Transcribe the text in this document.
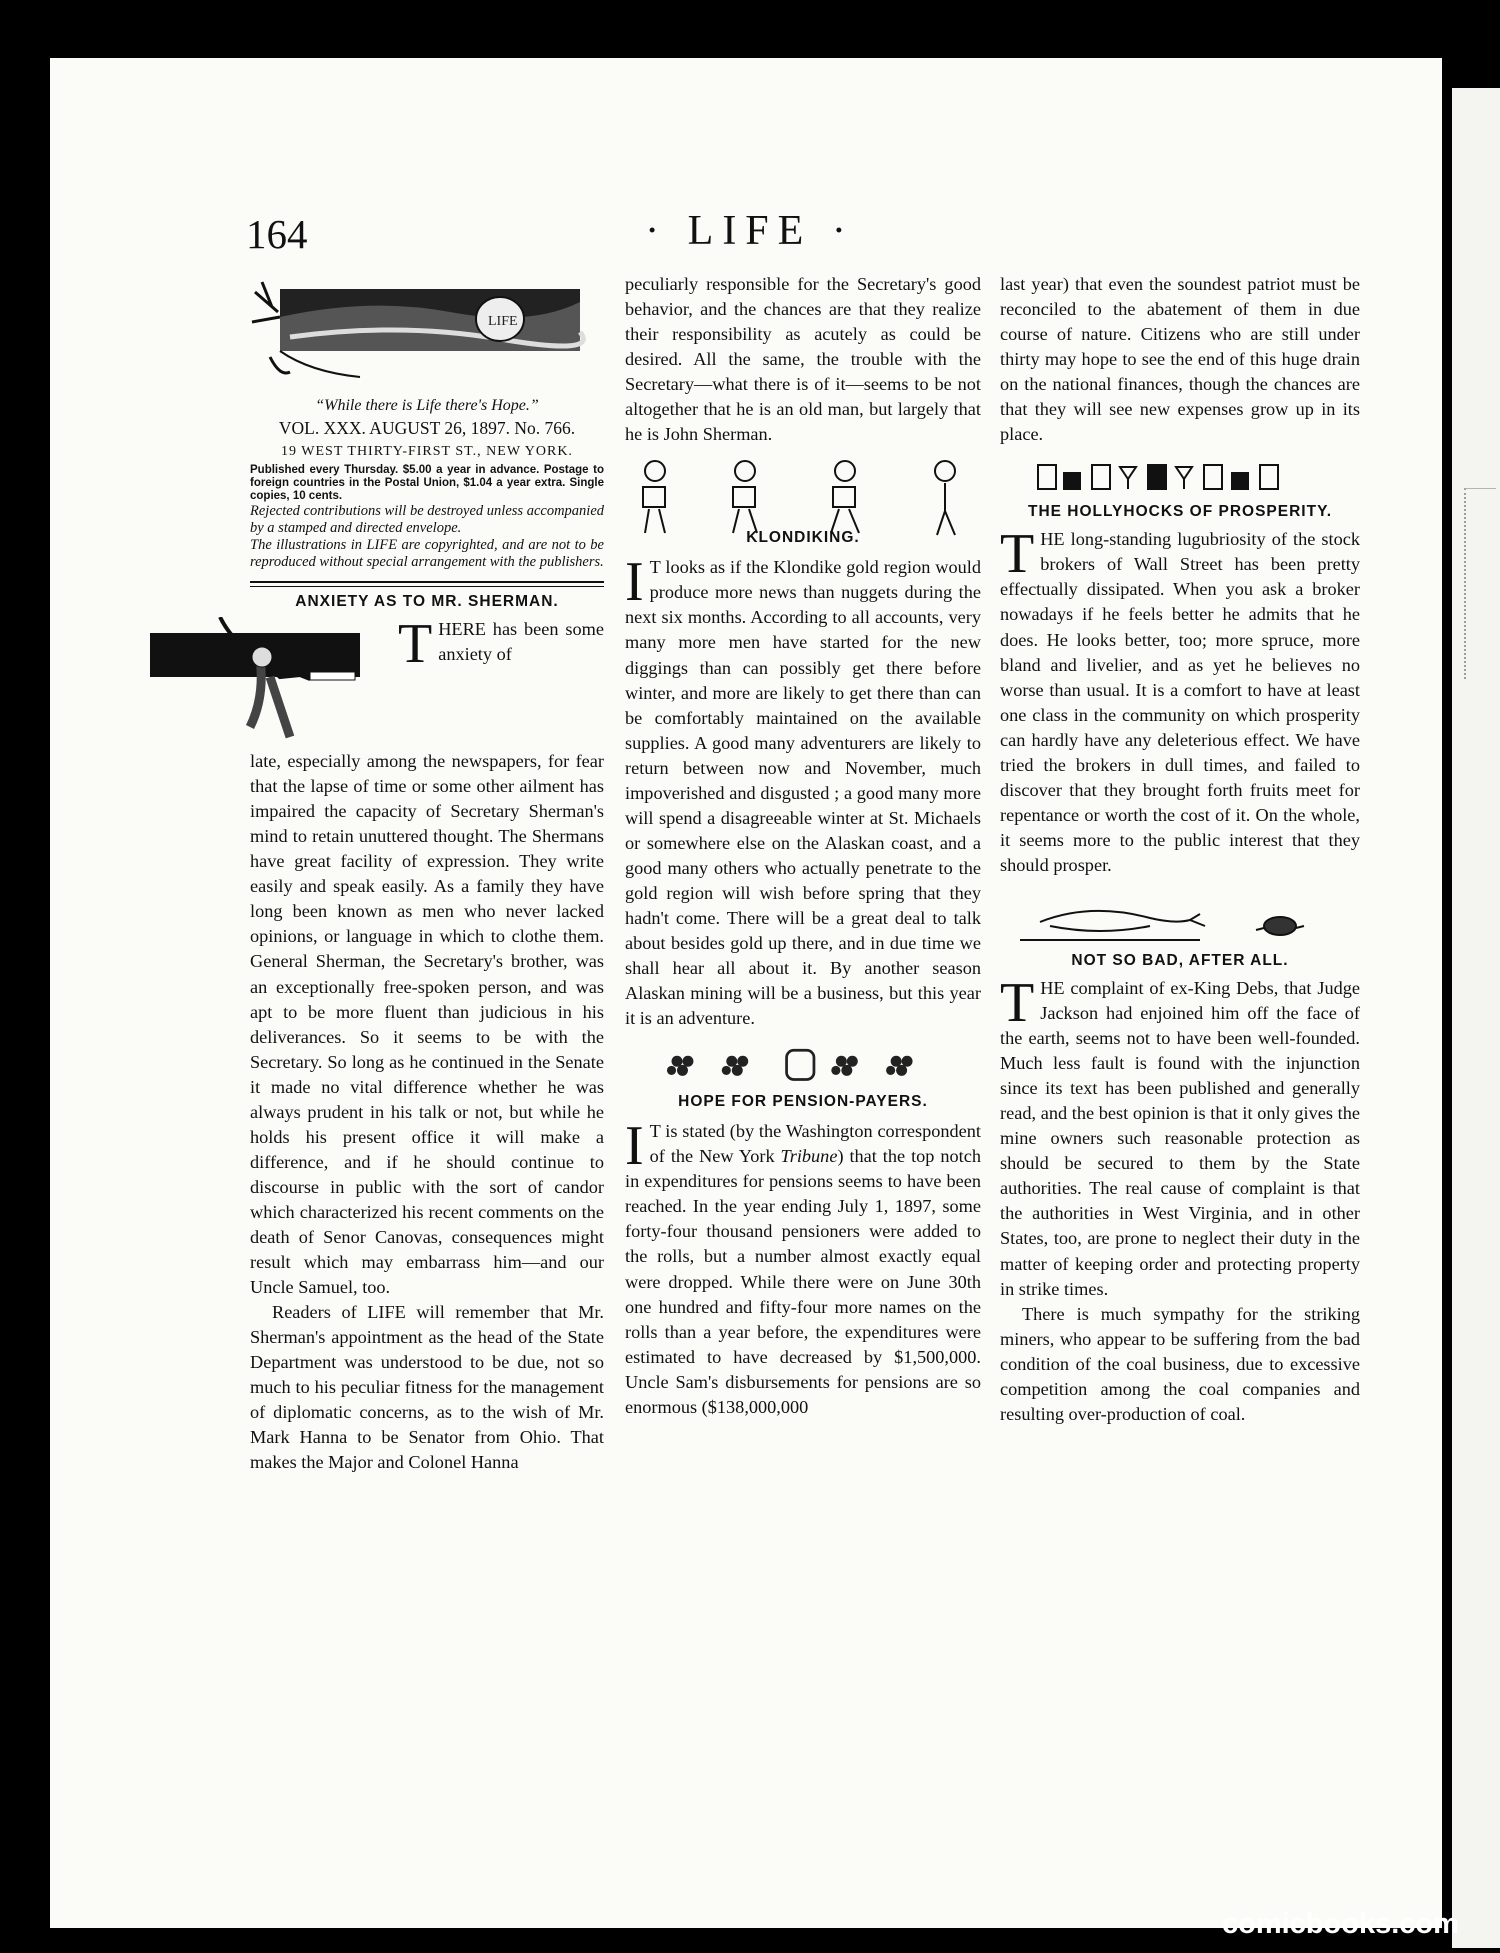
164	· LIFE ·
LIFE

“While there is Life there's Hope.”

VOL. XXX. AUGUST 26, 1897. No. 766.

19 WEST THIRTY-FIRST ST., NEW YORK.

Published every Thursday. $5.00 a year in advance. Postage to foreign countries in the Postal Union, $1.04 a year extra. Single copies, 10 cents.

Rejected contributions will be destroyed unless accompanied by a stamped and directed envelope.

The illustrations in LIFE are copyrighted, and are not to be reproduced without special arrangement with the publishers.

ANXIETY AS TO MR. SHERMAN.

THERE has been some anxiety of

late, especially among the newspapers, for fear that the lapse of time or some other ailment has impaired the capacity of Secretary Sherman's mind to retain unuttered thought. The Shermans have great facility of expression. They write easily and speak easily. As a family they have long been known as men who never lacked opinions, or language in which to clothe them. General Sherman, the Secretary's brother, was an exceptionally free-spoken person, and was apt to be more fluent than judicious in his deliverances. So it seems to be with the Secretary. So long as he continued in the Senate it made no vital difference whether he was always prudent in his talk or not, but while he holds his present office it will make a difference, and if he should continue to discourse in public with the sort of candor which characterized his recent comments on the death of Senor Canovas, consequences might result which may embarrass him—and our Uncle Samuel, too.

Readers of LIFE will remember that Mr. Sherman's appointment as the head of the State Department was understood to be due, not so much to his peculiar fitness for the management of diplomatic concerns, as to the wish of Mr. Mark Hanna to be Senator from Ohio. That makes the Major and Colonel Hanna

peculiarly responsible for the Secretary's good behavior, and the chances are that they realize their responsibility as acutely as could be desired. All the same, the trouble with the Secretary—what there is of it—seems to be not altogether that he is an old man, but largely that he is John Sherman.

KLONDIKING.

I T looks as if the Klondike gold region would produce more news than nuggets during the next six months. According to all accounts, very many more men have started for the new diggings than can possibly get there before winter, and more are likely to get there than can be comfortably maintained on the available supplies. A good many adventurers are likely to return between now and November, much impoverished and disgusted ; a good many more will spend a disagreeable winter at St. Michaels or somewhere else on the Alaskan coast, and a good many others who actually penetrate to the gold region will wish before spring that they hadn't come. There will be a great deal to talk about besides gold up there, and in due time we shall hear all about it. By another season Alaskan mining will be a business, but this year it is an adventure.

HOPE FOR PENSION-PAYERS.

I T is stated (by the Washington correspondent of the New York Tribune) that the top notch in expenditures for pensions seems to have been reached. In the year ending July 1, 1897, some forty-four thousand pensioners were added to the rolls, but a number almost exactly equal were dropped. While there were on June 30th one hundred and fifty-four more names on the rolls than a year before, the expenditures were estimated to have decreased by $1,500,000. Uncle Sam's disbursements for pensions are so enormous ($138,000,000

last year) that even the soundest patriot must be reconciled to the abatement of them in due course of nature. Citizens who are still under thirty may hope to see the end of this huge drain on the national finances, though the chances are that they will see new expenses grow up in its place.

THE HOLLYHOCKS OF PROSPERITY.

THE long-standing lugubriosity of the stock brokers of Wall Street has been pretty effectually dissipated. When you ask a broker nowadays if he feels better he admits that he does. He looks better, too; more spruce, more bland and livelier, and as yet he believes no worse than usual. It is a comfort to have at least one class in the community on which prosperity can hardly have any deleterious effect. We have tried the brokers in dull times, and failed to discover that they brought forth fruits meet for repentance or worth the cost of it. On the whole, it seems more to the public interest that they should prosper.

NOT SO BAD, AFTER ALL.

THE complaint of ex-King Debs, that Judge Jackson had enjoined him off the face of the earth, seems not to have been well-founded. Much less fault is found with the injunction since its text has been published and generally read, and the best opinion is that it only gives the mine owners such reasonable protection as should be secured to them by the State authorities. The real cause of complaint is that the authorities in West Virginia, and in other States, too, are prone to neglect their duty in the matter of keeping order and protecting property in strike times.

There is much sympathy for the striking miners, who appear to be suffering from the bad condition of the coal business, due to excessive competition among the coal companies and resulting over-production of coal.

comicbooks.com
